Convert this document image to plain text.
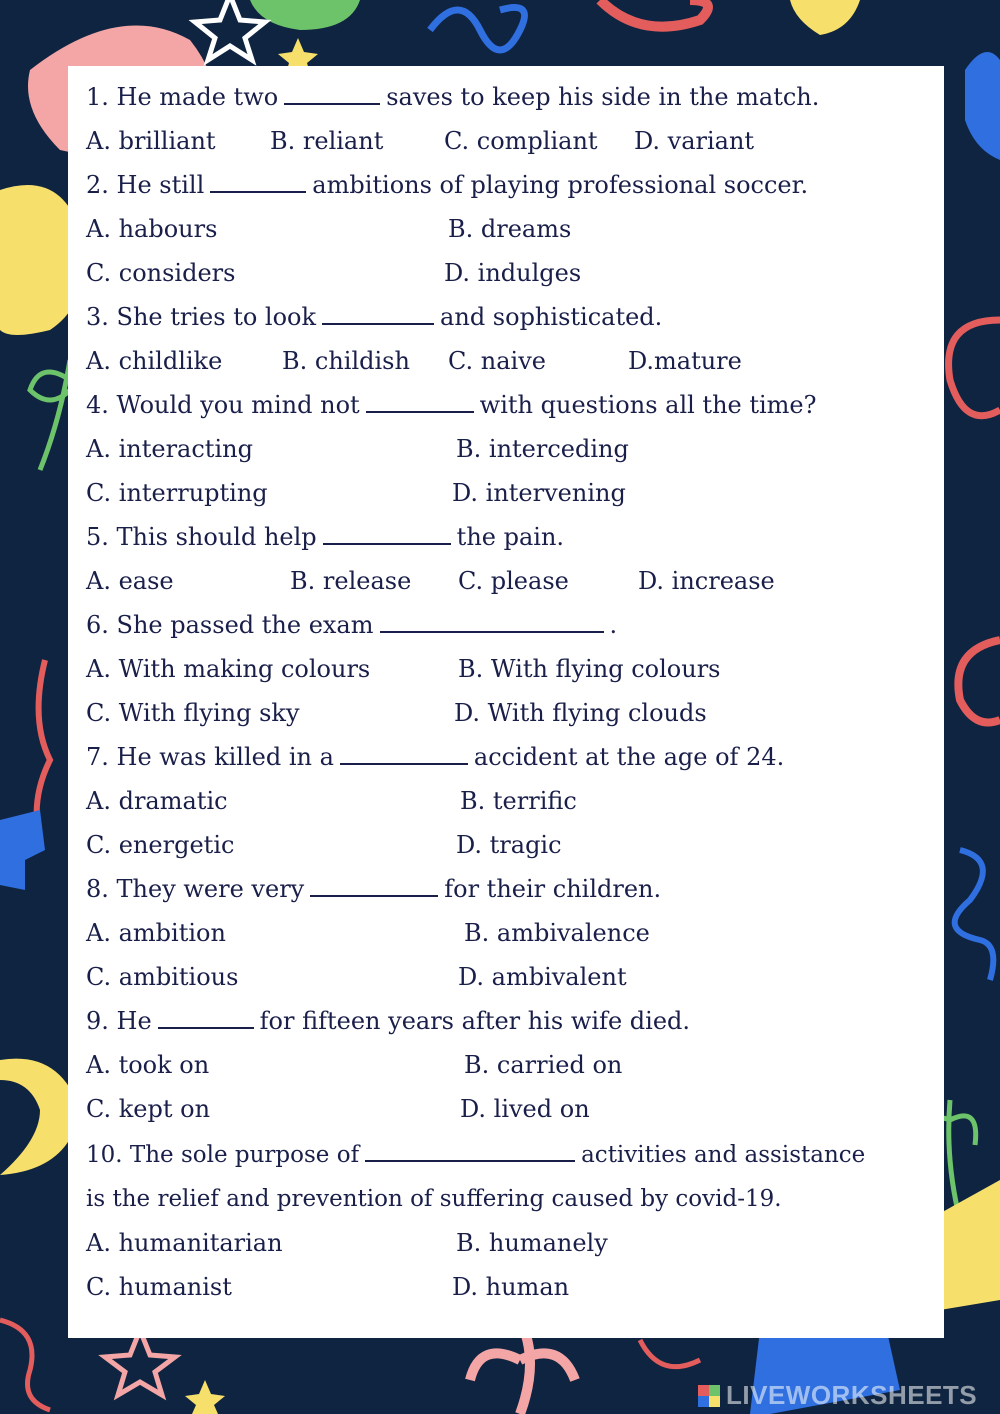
1. He made two	saves to keep his side in the match.
A. brilliant B. reliant	C. compliant D. variant
2. He still	ambitions of playing professional soccer.
A. habours	B. dreams
C. considers	D. indulges
3. She tries to look	and sophisticated.
A. childlike B. childish C. naive	D.mature
4. Would you mind not	with questions all the time?
A. interacting	B. interceding
C. interrupting	D. intervening
5. This should help	the pain.
A. ease	B. release C. please	D. increase
6. She passed the exam	.
A. With making colours	B. With flying colours
C. With flying sky	D. With flying clouds
7. He was killed in a	accident at the age of 24.
A. dramatic	B. terrific
C. energetic	D. tragic
8. They were very	for their children.
A. ambition	B. ambivalence
C. ambitious	D. ambivalent
9. He	for fifteen years after his wife died.
A. took on	B. carried on
C. kept on	D. lived on
10. The sole purpose of	activities and assistance
is the relief and prevention of suffering caused by covid-19.
A. humanitarian	B. humanely
C. humanist	D. human
LIVEWORKSHEETS
